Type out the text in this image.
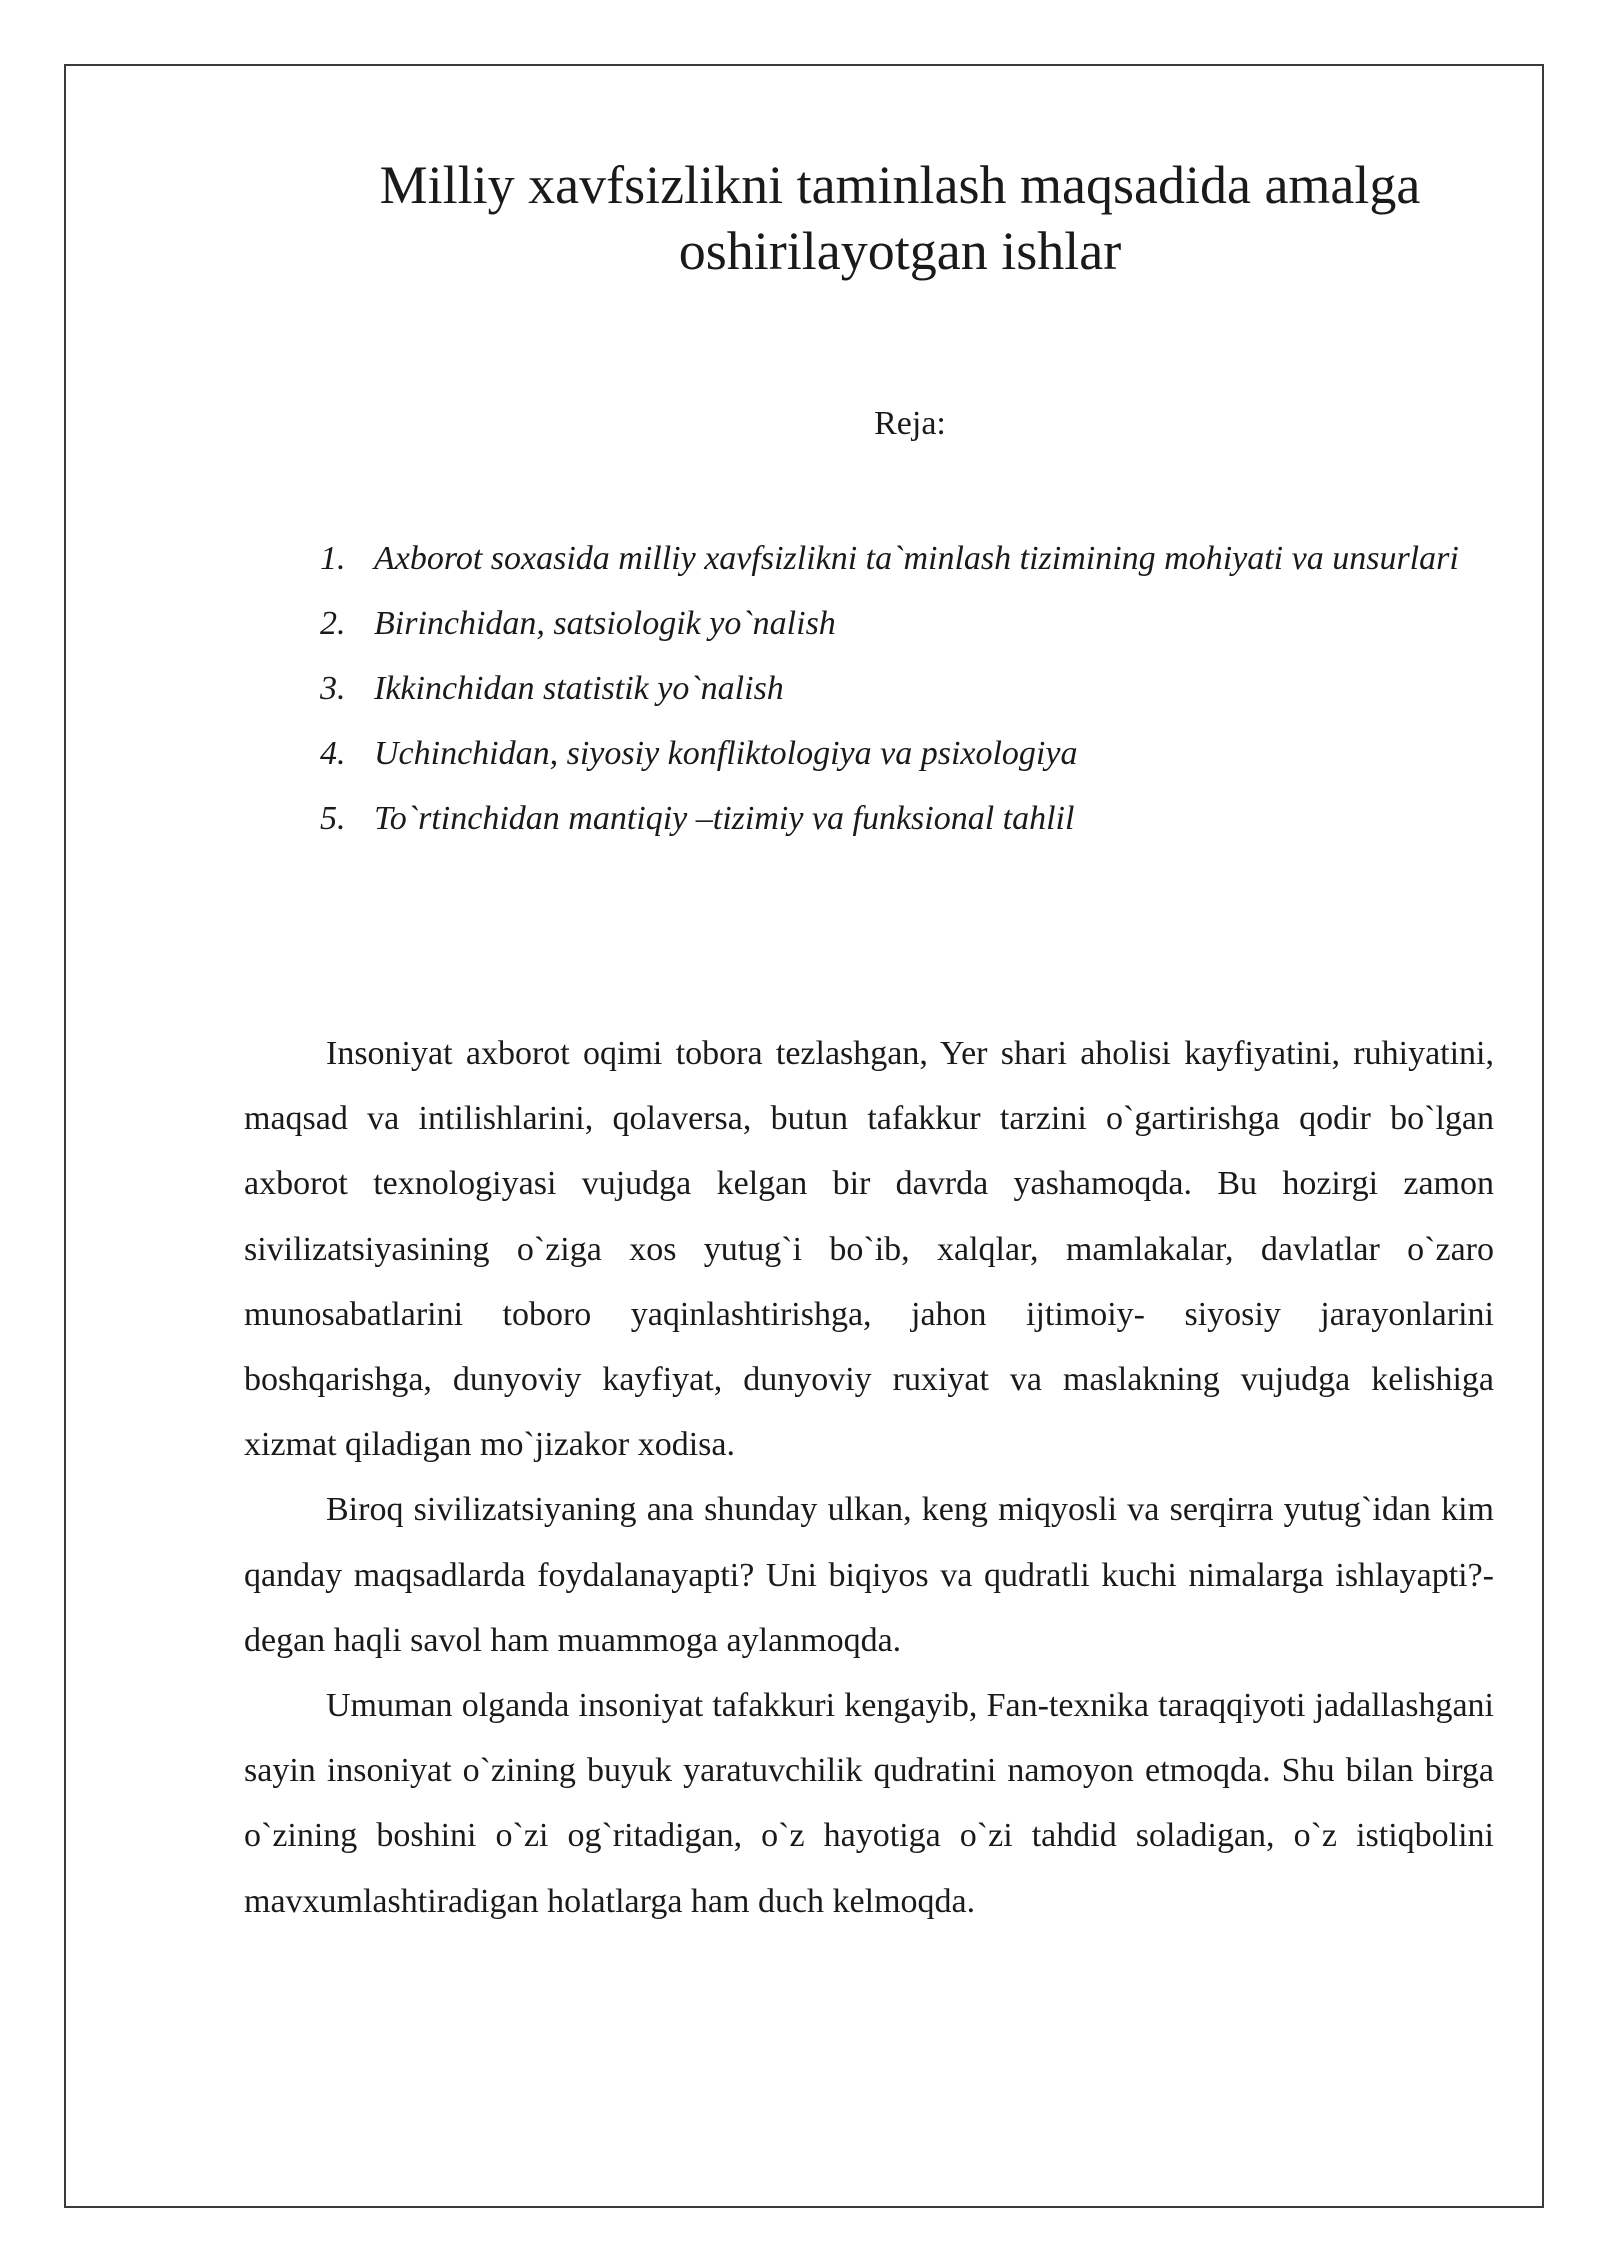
Milliy xavfsizlikni taminlash maqsadida amalga oshirilayotgan ishlar
Reja:
1. Axborot soxasida milliy xavfsizlikni ta`minlash tizimining mohiyati va unsurlari
2. Birinchidan, satsiologik yo`nalish
3. Ikkinchidan statistik yo`nalish
4. Uchinchidan, siyosiy konfliktologiya va psixologiya
5. To`rtinchidan mantiqiy –tizimiy va funksional tahlil

Insoniyat axborot oqimi tobora tezlashgan, Yer shari aholisi kayfiyatini, ruhiyatini, maqsad va intilishlarini, qolaversa, butun tafakkur tarzini o`gartirishga qodir bo`lgan axborot texnologiyasi vujudga kelgan bir davrda yashamoqda. Bu hozirgi zamon sivilizatsiyasining o`ziga xos yutug`i bo`ib, xalqlar, mamlakalar, davlatlar o`zaro munosabatlarini toboro yaqinlashtirishga, jahon ijtimoiy- siyosiy jarayonlarini boshqarishga, dunyoviy kayfiyat, dunyoviy ruxiyat va maslakning vujudga kelishiga xizmat qiladigan mo`jizakor xodisa.

Biroq sivilizatsiyaning ana shunday ulkan, keng miqyosli va serqirra yutug`idan kim qanday maqsadlarda foydalanayapti? Uni biqiyos va qudratli kuchi nimalarga ishlayapti?- degan haqli savol ham muammoga aylanmoqda.

Umuman olganda insoniyat tafakkuri kengayib, Fan-texnika taraqqiyoti jadallashgani sayin insoniyat o`zining buyuk yaratuvchilik qudratini namoyon etmoqda. Shu bilan birga o`zining boshini o`zi og`ritadigan, o`z hayotiga o`zi tahdid soladigan, o`z istiqbolini mavxumlashtiradigan holatlarga ham duch kelmoqda.
